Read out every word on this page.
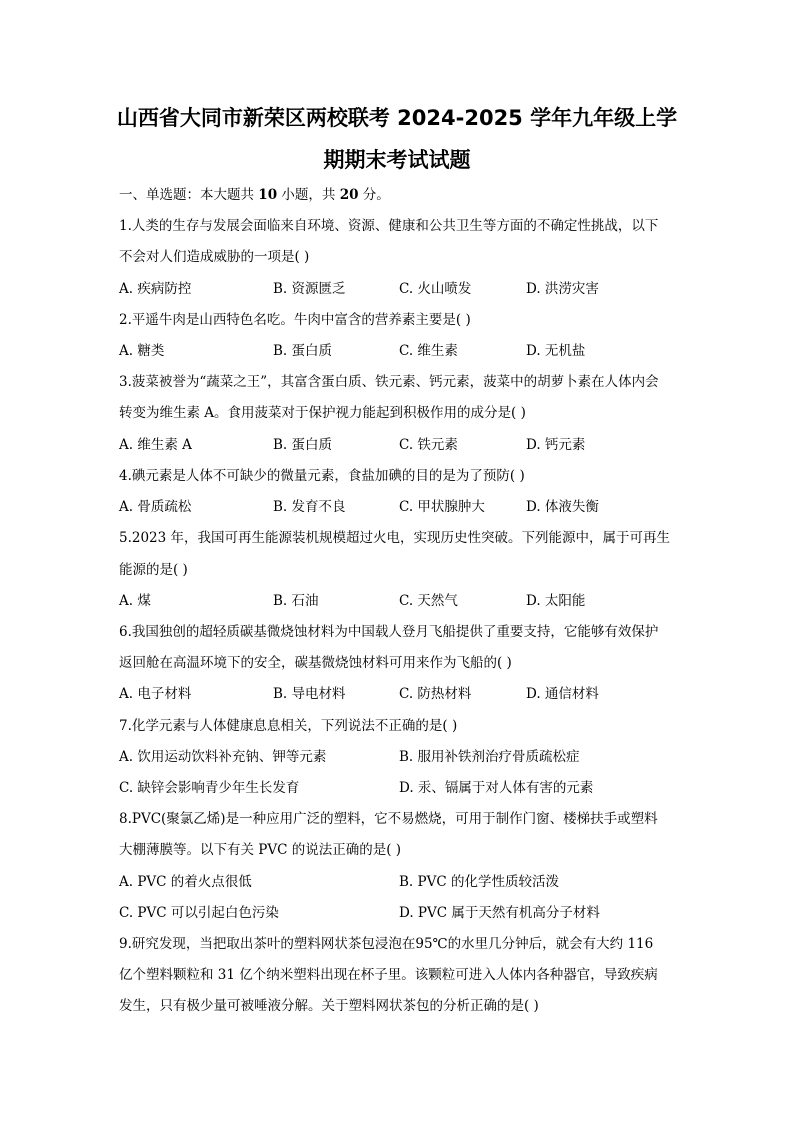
山西省大同市新荣区两校联考 2024-2025 学年九年级上学
期期末考试试题
一、单选题：本大题共 10 小题，共 20 分。
1.人类的生存与发展会面临来自环境、资源、健康和公共卫生等方面的不确定性挑战，以下
不会对人们造成威胁的一项是( )
A. 疾病防控	B. 资源匮乏	C. 火山喷发	D. 洪涝灾害
2.平遥牛肉是山西特色名吃。牛肉中富含的营养素主要是( )
A. 糖类	B. 蛋白质	C. 维生素	D. 无机盐
3.菠菜被誉为“蔬菜之王”，其富含蛋白质、铁元素、钙元素，菠菜中的胡萝卜素在人体内会
转变为维生素 A。食用菠菜对于保护视力能起到积极作用的成分是( )
A. 维生素 A	B. 蛋白质	C. 铁元素	D. 钙元素
4.碘元素是人体不可缺少的微量元素，食盐加碘的目的是为了预防( )
A. 骨质疏松	B. 发育不良	C. 甲状腺肿大	D. 体液失衡
5.2023 年，我国可再生能源装机规模超过火电，实现历史性突破。下列能源中，属于可再生
能源的是( )
A. 煤	B. 石油	C. 天然气	D. 太阳能
6.我国独创的超轻质碳基微烧蚀材料为中国载人登月飞船提供了重要支持，它能够有效保护
返回舱在高温环境下的安全，碳基微烧蚀材料可用来作为飞船的( )
A. 电子材料	B. 导电材料	C. 防热材料	D. 通信材料
7.化学元素与人体健康息息相关，下列说法不正确的是( )
A. 饮用运动饮料补充钠、钾等元素	B. 服用补铁剂治疗骨质疏松症
C. 缺锌会影响青少年生长发育	D. 汞、镉属于对人体有害的元素
8.PVC(聚氯乙烯)是一种应用广泛的塑料，它不易燃烧，可用于制作门窗、楼梯扶手或塑料
大棚薄膜等。以下有关 PVC 的说法正确的是( )
A. PVC 的着火点很低	B. PVC 的化学性质较活泼
C. PVC 可以引起白色污染	D. PVC 属于天然有机高分子材料
9.研究发现，当把取出茶叶的塑料网状茶包浸泡在95℃的水里几分钟后，就会有大约 116
亿个塑料颗粒和 31 亿个纳米塑料出现在杯子里。该颗粒可进入人体内各种器官，导致疾病
发生，只有极少量可被唾液分解。关于塑料网状茶包的分析正确的是( )
